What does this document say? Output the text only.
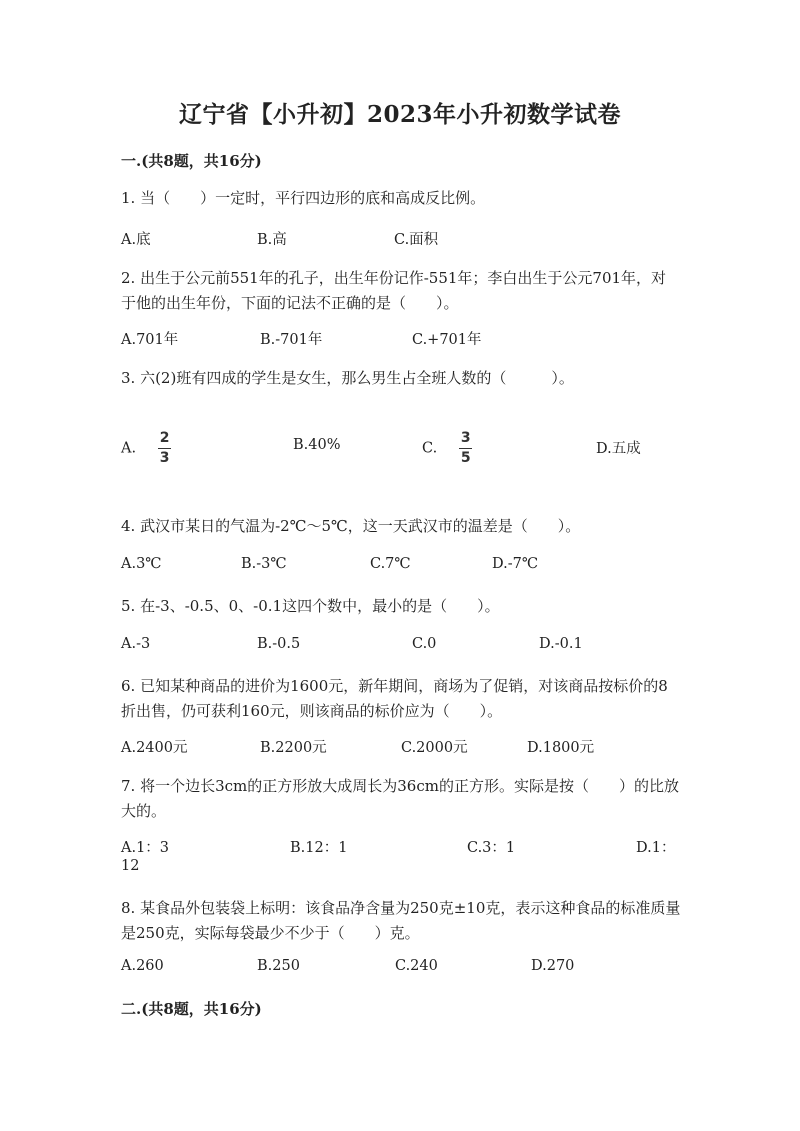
辽宁省【小升初】2023年小升初数学试卷
一.(共8题，共16分)
1. 当（　　）一定时，平行四边形的底和高成反比例。
A.底	B.高	C.面积
2. 出生于公元前551年的孔子，出生年份记作-551年；李白出生于公元701年，对于他的出生年份，下面的记法不正确的是（　　）。
A.701年	B.-701年	C.+701年
3. 六(2)班有四成的学生是女生，那么男生占全班人数的（　　　）。
A. $\frac{2}{3}$	B.40%	C. $\frac{3}{5}$	D.五成
4. 武汉市某日的气温为-2℃～5℃，这一天武汉市的温差是（　　）。
A.3℃	B.-3℃	C.7℃	D.-7℃
5. 在-3、-0.5、0、-0.1这四个数中，最小的是（　　）。
A.-3	B.-0.5	C.0	D.-0.1
6. 已知某种商品的进价为1600元，新年期间，商场为了促销，对该商品按标价的8折出售，仍可获利160元，则该商品的标价应为（　　）。
A.2400元	B.2200元	C.2000元	D.1800元
7. 将一个边长3cm的正方形放大成周长为36cm的正方形。实际是按（　　）的比放大的。
A.1：3	B.12：1	C.3：1	D.1：
12
8. 某食品外包装袋上标明：该食品净含量为250克±10克，表示这种食品的标准质量是250克，实际每袋最少不少于（　　）克。
A.260	B.250	C.240	D.270
二.(共8题，共16分)
